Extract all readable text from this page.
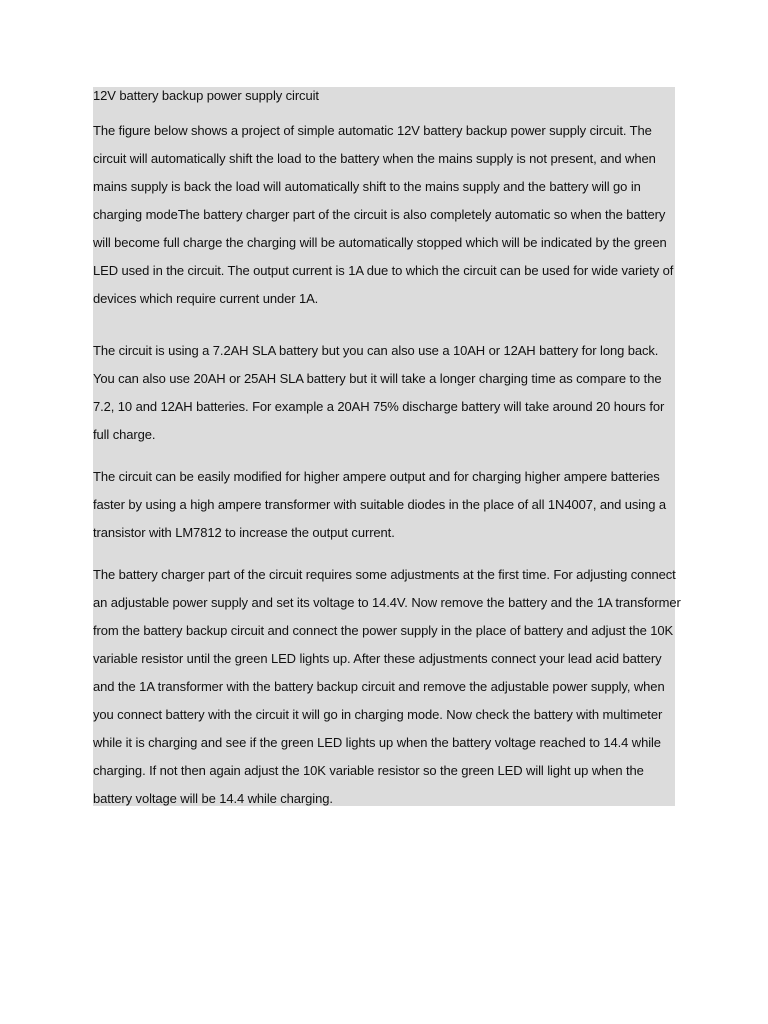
12V battery backup power supply circuit

The figure below shows a project of simple automatic 12V battery backup power supply circuit. The circuit will automatically shift the load to the battery when the mains supply is not present, and when mains supply is back the load will automatically shift to the mains supply and the battery will go in charging modeThe battery charger part of the circuit is also completely automatic so when the battery will become full charge the charging will be automatically stopped which will be indicated by the green LED used in the circuit. The output current is 1A due to which the circuit can be used for wide variety of devices which require current under 1A.

The circuit is using a 7.2AH SLA battery but you can also use a 10AH or 12AH battery for long back. You can also use 20AH or 25AH SLA battery but it will take a longer charging time as compare to the 7.2, 10 and 12AH batteries. For example a 20AH 75% discharge battery will take around 20 hours for full charge.

The circuit can be easily modified for higher ampere output and for charging higher ampere batteries faster by using a high ampere transformer with suitable diodes in the place of all 1N4007, and using a transistor with LM7812 to increase the output current.

The battery charger part of the circuit requires some adjustments at the first time. For adjusting connect an adjustable power supply and set its voltage to 14.4V. Now remove the battery and the 1A transformer from the battery backup circuit and connect the power supply in the place of battery and adjust the 10K variable resistor until the green LED lights up. After these adjustments connect your lead acid battery and the 1A transformer with the battery backup circuit and remove the adjustable power supply, when you connect battery with the circuit it will go in charging mode. Now check the battery with multimeter while it is charging and see if the green LED lights up when the battery voltage reached to 14.4 while charging. If not then again adjust the 10K variable resistor so the green LED will light up when the battery voltage will be 14.4 while charging.
